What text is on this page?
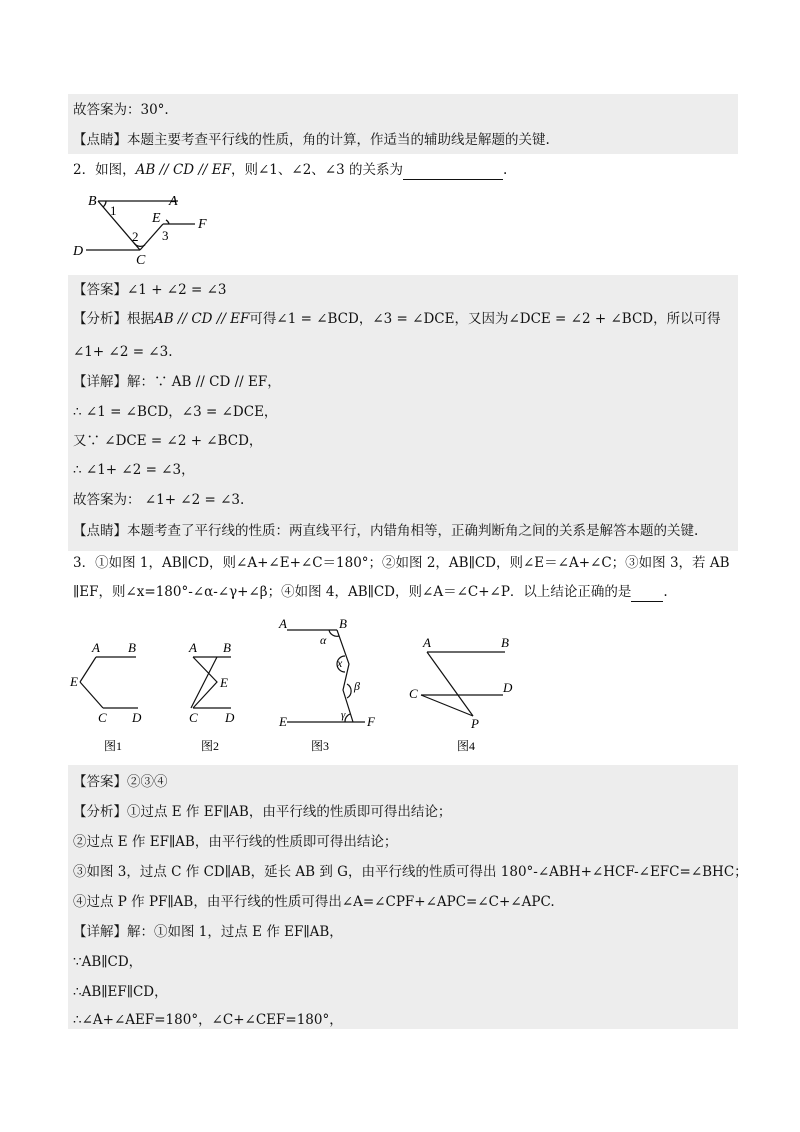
故答案为：30°.
【点睛】本题主要考查平行线的性质，角的计算，作适当的辅助线是解题的关键.
2．如图，AB // CD // EF，则∠1、∠2、∠3 的关系为	.
B	A
E	F
D
C
1
2 3
【答案】∠1 + ∠2 = ∠3
【分析】根据AB // CD // EF可得∠1 = ∠BCD，∠3 = ∠DCE，又因为∠DCE = ∠2 + ∠BCD，所以可得
∠1+ ∠2 = ∠3.
【详解】解：∵ AB // CD // EF，
∴ ∠1 = ∠BCD，∠3 = ∠DCE，
又∵ ∠DCE = ∠2 + ∠BCD，
∴ ∠1+ ∠2 = ∠3，
故答案为： ∠1+ ∠2 = ∠3.
【点睛】本题考查了平行线的性质：两直线平行，内错角相等，正确判断角之间的关系是解答本题的关键.
3．①如图 1，AB∥CD，则∠A+∠E+∠C＝180°；②如图 2，AB∥CD，则∠E＝∠A+∠C；③如图 3，若 AB
∥EF，则∠x=180°-∠α-∠γ+∠β；④如图 4，AB∥CD，则∠A＝∠C+∠P．以上结论正确的是 .
A B
E
C D
图1
A B
E
C D
图2
A	B
α
x
β
γ
E	F
图3
A	B
C	D
P
图4
【答案】②③④
【分析】①过点 E 作 EF∥AB，由平行线的性质即可得出结论；
②过点 E 作 EF∥AB，由平行线的性质即可得出结论；
③如图 3，过点 C 作 CD∥AB，延长 AB 到 G，由平行线的性质可得出 180°-∠ABH+∠HCF-∠EFC=∠BHC；
④过点 P 作 PF∥AB，由平行线的性质可得出∠A=∠CPF+∠APC=∠C+∠APC.
【详解】解：①如图 1，过点 E 作 EF∥AB，
∵AB∥CD，
∴AB∥EF∥CD，
∴∠A+∠AEF=180°，∠C+∠CEF=180°，
